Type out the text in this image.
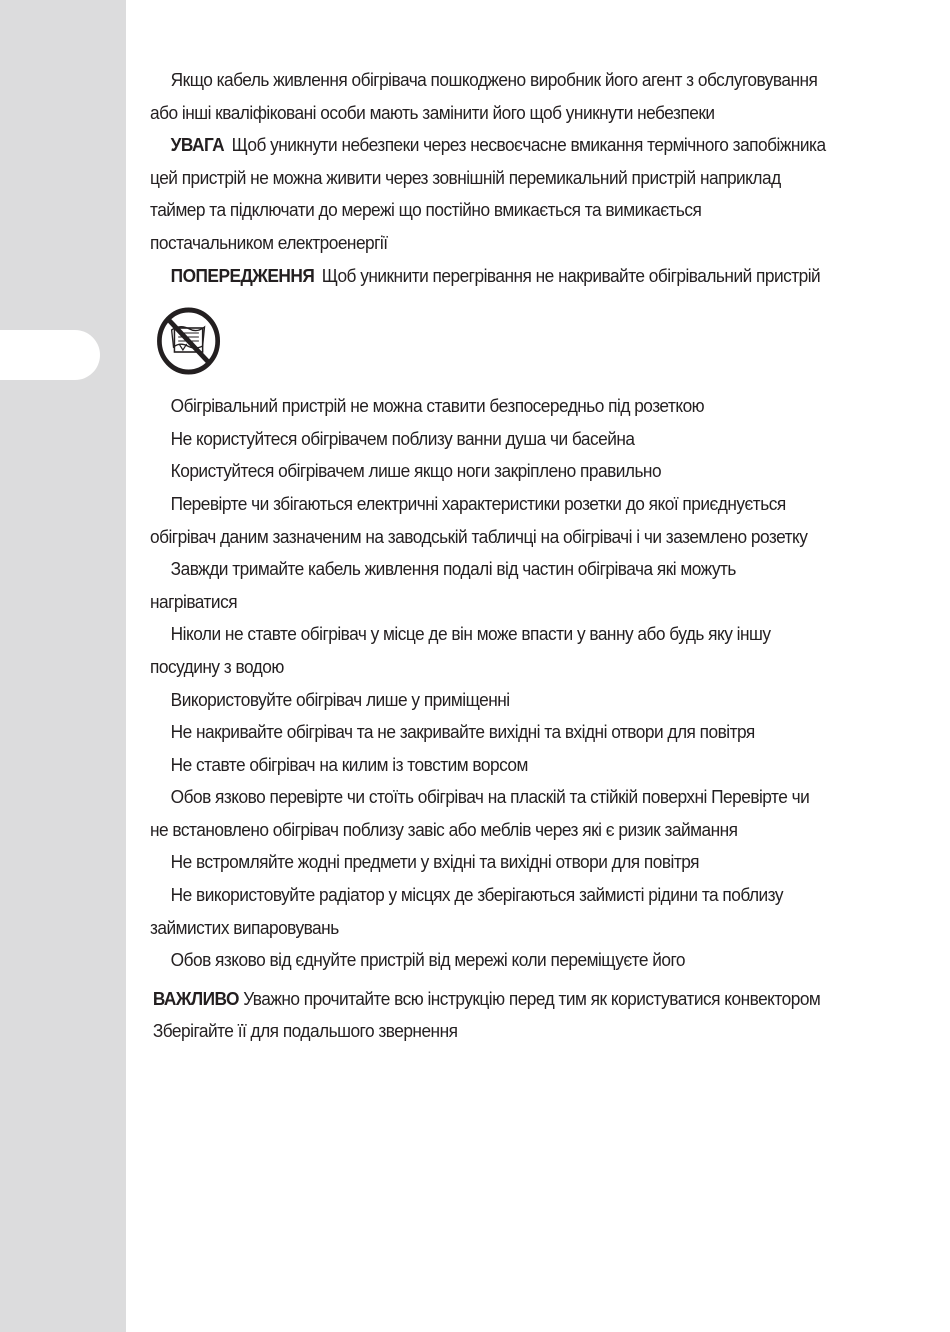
Якщо кабель живлення обігрівача пошкоджено виробник його агент з обслуговування або інші кваліфіковані особи мають замінити його щоб уникнути небезпеки

УВАГА Щоб уникнути небезпеки через несвоєчасне вмикання термічного запобіжника цей пристрій не можна живити через зовнішній перемикальний пристрій наприклад таймер та підключати до мережі що постійно вмикається та вимикається постачальником електроенергії

ПОПЕРЕДЖЕННЯ Щоб уникнити перегрівання не накривайте обігрівальний пристрій

Обігрівальний пристрій не можна ставити безпосередньо під розеткою

Не користуйтеся обігрівачем поблизу ванни душа чи басейна

Користуйтеся обігрівачем лише якщо ноги закріплено правильно

Перевірте чи збігаються електричні характеристики розетки до якої приєднується обігрівач даним зазначеним на заводській табличці на обігрівачі і чи заземлено розетку

Завжди тримайте кабель живлення подалі від частин обігрівача які можуть нагріватися

Ніколи не ставте обігрівач у місце де він може впасти у ванну або будь яку іншу посудину з водою

Використовуйте обігрівач лише у приміщенні

Не накривайте обігрівач та не закривайте вихідні та вхідні отвори для повітря

Не ставте обігрівач на килим із товстим ворсом

Обов язково перевірте чи стоїть обігрівач на пласкій та стійкій поверхні Перевірте чи не встановлено обігрівач поблизу завіс або меблів через які є ризик займання

Не встромляйте жодні предмети у вхідні та вихідні отвори для повітря

Не використовуйте радіатор у місцях де зберігаються займисті рідини та поблизу займистих випаровувань

Обов язково від єднуйте пристрій від мережі коли переміщуєте його

ВАЖЛИВО Уважно прочитайте всю інструкцію перед тим як користуватися конвектором Зберігайте її для подальшого звернення
